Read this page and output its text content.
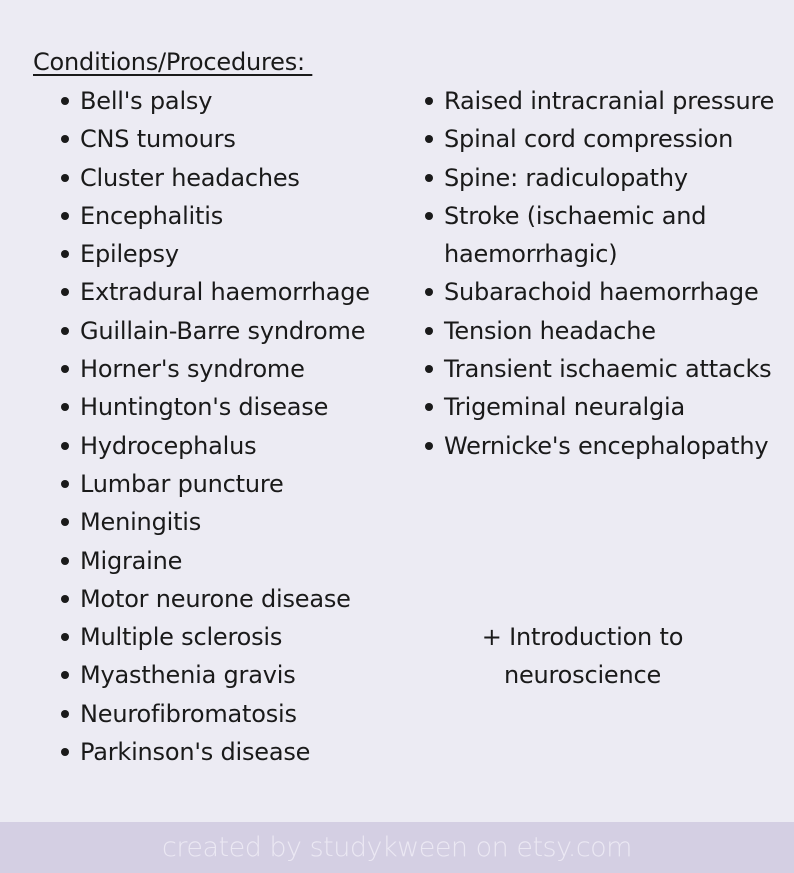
Conditions/Procedures:
Bell's palsy
CNS tumours
Cluster headaches
Encephalitis
Epilepsy
Extradural haemorrhage
Guillain-Barre syndrome
Horner's syndrome
Huntington's disease
Hydrocephalus
Lumbar puncture
Meningitis
Migraine
Motor neurone disease
Multiple sclerosis
Myasthenia gravis
Neurofibromatosis
Parkinson's disease
Raised intracranial pressure
Spinal cord compression
Spine: radiculopathy
Stroke (ischaemic and haemorrhagic)
Subarachoid haemorrhage
Tension headache
Transient ischaemic attacks
Trigeminal neuralgia
Wernicke's encephalopathy
+ Introduction to neuroscience
created by studykween on etsy.com
